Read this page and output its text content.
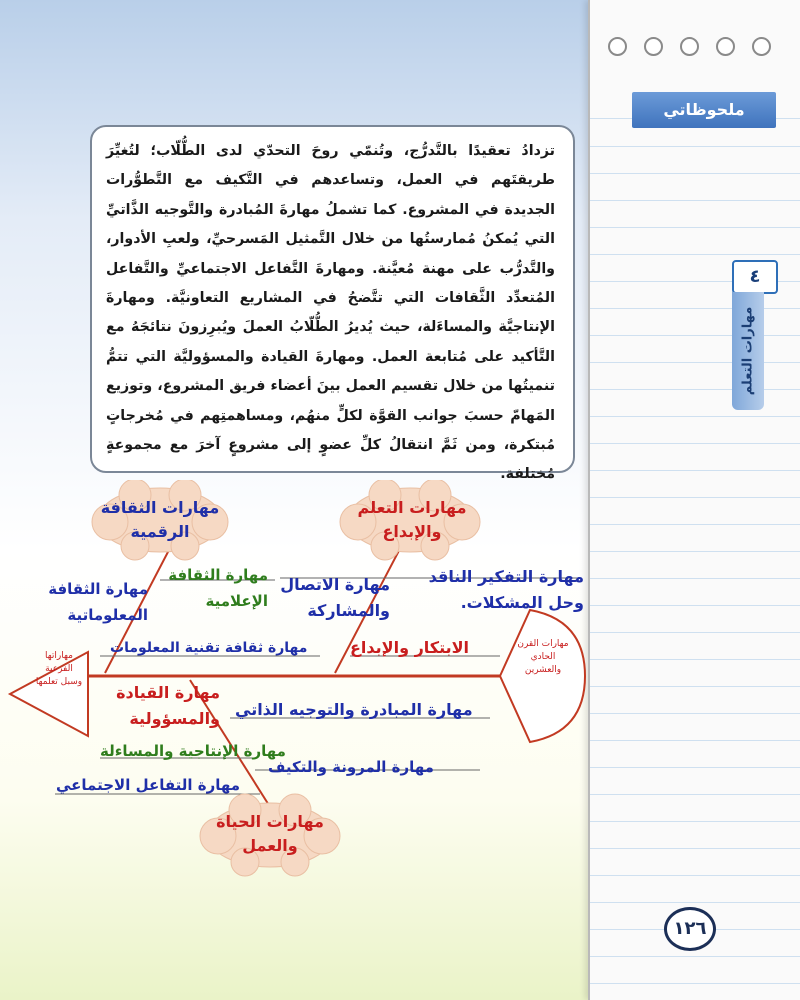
ملحوظاتي
٤
مهارات التعلم
١٢٦

تزدادُ تعقيدًا بالتَّدرُّج، وتُنمّي روحَ التحدّي لدى الطُّلّاب؛ لتُغيِّرَ طريقتَهم في العمل، وتساعدهم في التَّكيف مع التَّطوُّرات الجديدة في المشروع. كما تشملُ مهارةَ المُبادرة والتَّوجيه الذَّاتيِّ التي يُمكنُ مُمارستُها من خلال التَّمثيل المَسرحيِّ، ولعبِ الأدوار، والتَّدرُّب على مهنة مُعيَّنة. ومهارةَ التَّفاعل الاجتماعيِّ والتَّفاعل المُتعدِّد الثَّقافات التي تتَّضحُ في المشاريع التعاونيَّة. ومهارةَ الإنتاجيَّة والمساءَلة، حيث يُديرُ الطُّلّابُ العملَ ويُبرِزونَ نتائجَهُ مع التَّأكيد على مُتابعة العمل. ومهارةَ القيادة والمسؤوليَّة التي تتمُّ تنميتُها من خلال تقسيم العمل بينَ أعضاء فريق المشروع، وتوزيع المَهامّ حسبَ جوانب القوَّة لكلٍّ منهُم، ومساهمتِهم في مُخرجاتٍ مُبتكرة، ومن ثَمَّ انتقالُ كلِّ عضوٍ إلى مشروعٍ آخرَ مع مجموعةٍ مُختلفة.

مهارات الثقافة الرقمية
مهارات التعلم والإبداع
مهارات الحياة والعمل
مهارات القرن الحادي والعشرين
مهاراتها الفرعية وسبل تعلمها
مهارة التفكير الناقد وحل المشكلات.
مهارة الاتصال والمشاركة
الابتكار والإبداع
مهارة الثقافة الإعلامية
مهارة الثقافة المعلوماتية
مهارة ثقافة تقنية المعلومات
مهارة المبادرة والتوجيه الذاتي
مهارة القيادة والمسؤولية
مهارة الإنتاجية والمساءلة
مهارة المرونة والتكيف
مهارة التفاعل الاجتماعي
